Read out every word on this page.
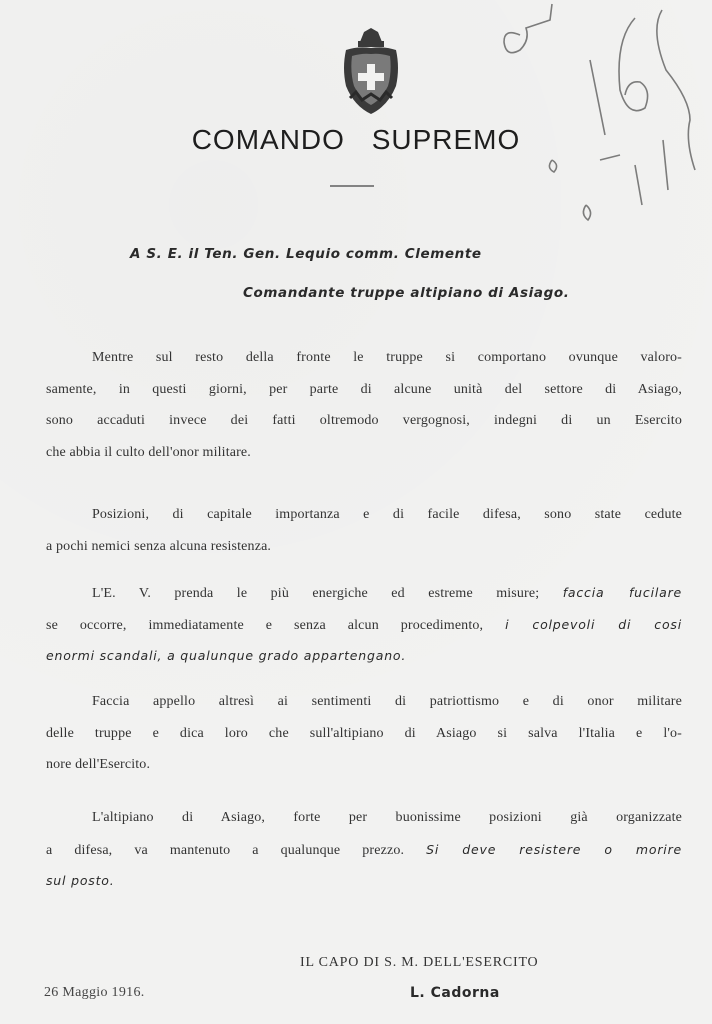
COMANDO SUPREMO
A S. E. il Ten. Gen. Lequio comm. Clemente
Comandante truppe altipiano di Asiago.
Mentre sul resto della fronte le truppe si comportano ovunque valoro-
samente, in questi giorni, per parte di alcune unità del settore di Asiago,
sono accaduti invece dei fatti oltremodo vergognosi, indegni di un Esercito
che abbia il culto dell'onor militare.
Posizioni, di capitale importanza e di facile difesa, sono state cedute
a pochi nemici senza alcuna resistenza.
L'E. V. prenda le più energiche ed estreme misure; faccia fucilare
se occorre, immediatamente e senza alcun procedimento, i colpevoli di cosi
enormi scandali, a qualunque grado appartengano.
Faccia appello altresì ai sentimenti di patriottismo e di onor militare
delle truppe e dica loro che sull'altipiano di Asiago si salva l'Italia e l'o-
nore dell'Esercito.
L'altipiano di Asiago, forte per buonissime posizioni già organizzate
a difesa, va mantenuto a qualunque prezzo. Si deve resistere o morire
sul posto.
IL CAPO DI S. M. DELL'ESERCITO
26 Maggio 1916.	L. Cadorna
